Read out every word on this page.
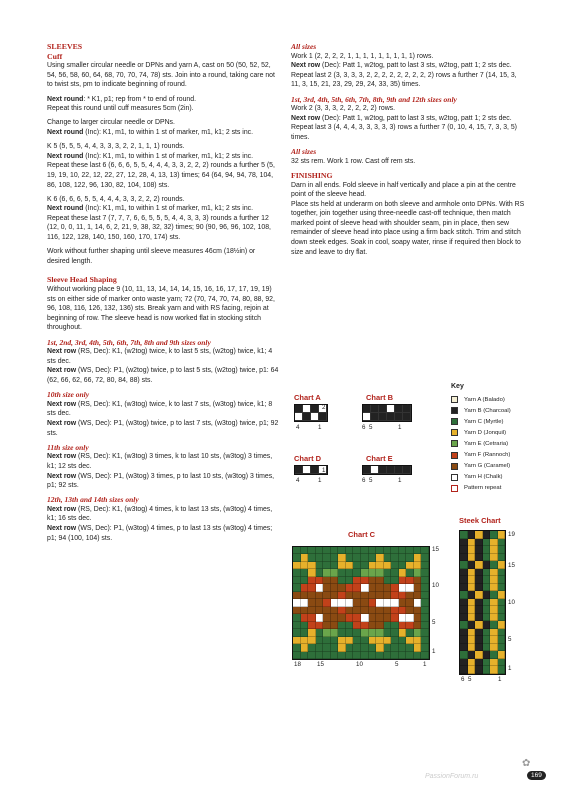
SLEEVES
Cuff

Using smaller circular needle or DPNs and yarn A, cast on 50 (50, 52, 52, 54, 56, 58, 60, 64, 68, 70, 70, 74, 78) sts. Join into a round, taking care not to twist sts, pm to indicate beginning of round.

Next round: * K1, p1; rep from * to end of round.
Repeat this round until cuff measures 5cm (2in).

Change to larger circular needle or DPNs.
Next round (Inc): K1, m1, to within 1 st of marker, m1, k1; 2 sts inc.

K 5 (5, 5, 5, 4, 4, 3, 3, 3, 2, 2, 1, 1, 1) rounds.
Next round (Inc): K1, m1, to within 1 st of marker, m1, k1; 2 sts inc.
Repeat these last 6 (6, 6, 6, 5, 5, 4, 4, 4, 3, 3, 2, 2, 2) rounds a further 5 (5, 19, 19, 10, 22, 12, 22, 27, 12, 28, 4, 13, 13) times; 64 (64, 94, 94, 78, 104, 86, 108, 122, 96, 130, 82, 104, 108) sts.

K 6 (6, 6, 6, 5, 5, 4, 4, 4, 3, 3, 2, 2, 2) rounds.
Next round (Inc): K1, m1, to within 1 st of marker, m1, k1; 2 sts inc.
Repeat these last 7 (7, 7, 7, 6, 6, 5, 5, 5, 4, 4, 3, 3, 3) rounds a further 12 (12, 0, 0, 11, 1, 14, 6, 2, 21, 9, 38, 32, 32) times; 90 (90, 96, 96, 102, 108, 116, 122, 128, 140, 150, 160, 170, 174) sts.

Work without further shaping until sleeve measures 46cm (18½in) or desired length.

Sleeve Head Shaping

Without working place 9 (10, 11, 13, 14, 14, 14, 15, 16, 16, 17, 17, 19, 19) sts on either side of marker onto waste yarn; 72 (70, 74, 70, 74, 80, 88, 92, 96, 108, 116, 126, 132, 136) sts. Break yarn and with RS facing, rejoin at beginning of row. The sleeve head is now worked flat in stocking stitch throughout.

1st, 2nd, 3rd, 4th, 5th, 6th, 7th, 8th and 9th sizes only

Next row (RS, Dec): K1, (w2tog) twice, k to last 5 sts, (w2tog) twice, k1; 4 sts dec.
Next row (WS, Dec): P1, (w2tog) twice, p to last 5 sts, (w2tog) twice, p1: 64 (62, 66, 62, 66, 72, 80, 84, 88) sts.

10th size only

Next row (RS, Dec): K1, (w3tog) twice, k to last 7 sts, (w3tog) twice, k1; 8 sts dec.
Next row (WS, Dec): P1, (w3tog) twice, p to last 7 sts, (w3tog) twice, p1; 92 sts.

11th size only

Next row (RS, Dec): K1, (w3tog) 3 times, k to last 10 sts, (w3tog) 3 times, k1; 12 sts dec.
Next row (WS, Dec): P1, (w3tog) 3 times, p to last 10 sts, (w3tog) 3 times, p1; 92 sts.

12th, 13th and 14th sizes only

Next row (RS, Dec): K1, (w3tog) 4 times, k to last 13 sts, (w3tog) 4 times, k1; 16 sts dec.
Next row (WS, Dec): P1, (w3tog) 4 times, p to last 13 sts (w3tog) 4 times; p1; 94 (100, 104) sts.

All sizes

Work 1 (2, 2, 2, 2, 1, 1, 1, 1, 1, 1, 1, 1, 1) rows.
Next row (Dec): Patt 1, w2tog, patt to last 3 sts, w2tog, patt 1; 2 sts dec.
Repeat last 2 (3, 3, 3, 3, 2, 2, 2, 2, 2, 2, 2, 2, 2) rows a further 7 (14, 15, 3, 11, 3, 15, 21, 23, 29, 29, 24, 33, 35) times.

1st, 3rd, 4th, 5th, 6th, 7th, 8th, 9th and 12th sizes only

Work 2 (3, 3, 3, 2, 2, 2, 2, 2) rows.
Next row (Dec): Patt 1, w2tog, patt to last 3 sts, w2tog, patt 1; 2 sts dec.
Repeat last 3 (4, 4, 4, 3, 3, 3, 3, 3) rows a further 7 (0, 10, 4, 15, 7, 3, 3, 5) times.

All sizes

32 sts rem. Work 1 row. Cast off rem sts.

FINISHING

Darn in all ends. Fold sleeve in half vertically and place a pin at the centre point of the sleeve head.
Place sts held at underarm on both sleeve and armhole onto DPNs. With RS together, join together using three-needle cast-off technique, then match marked point of sleeve head with shoulder seam, pin in place, then sew remainder of sleeve head into place using a firm back stitch. Trim and stitch down steek edges. Soak in cool, soapy water, rinse if required then block to size and leave to dry flat.

Chart A	Chart B
Chart D	Chart E
2
1
4	1
2
1
6 5	1
1
4	1
1
6 5	1
Key
Yarn A (Balado)
Yarn B (Charcoal)
Yarn C (Myrtle)
Yarn D (Jonquil)
Yarn E (Cetraria)
Yarn F (Rannoch)
Yarn G (Caramel)
Yarn H (Chalk)
Pattern repeat
Chart C
15
10
5
1
18	15	10	5	1
Steek Chart
19
15
10
5
1
6 5	1
✿
PassionForum.ru	169
